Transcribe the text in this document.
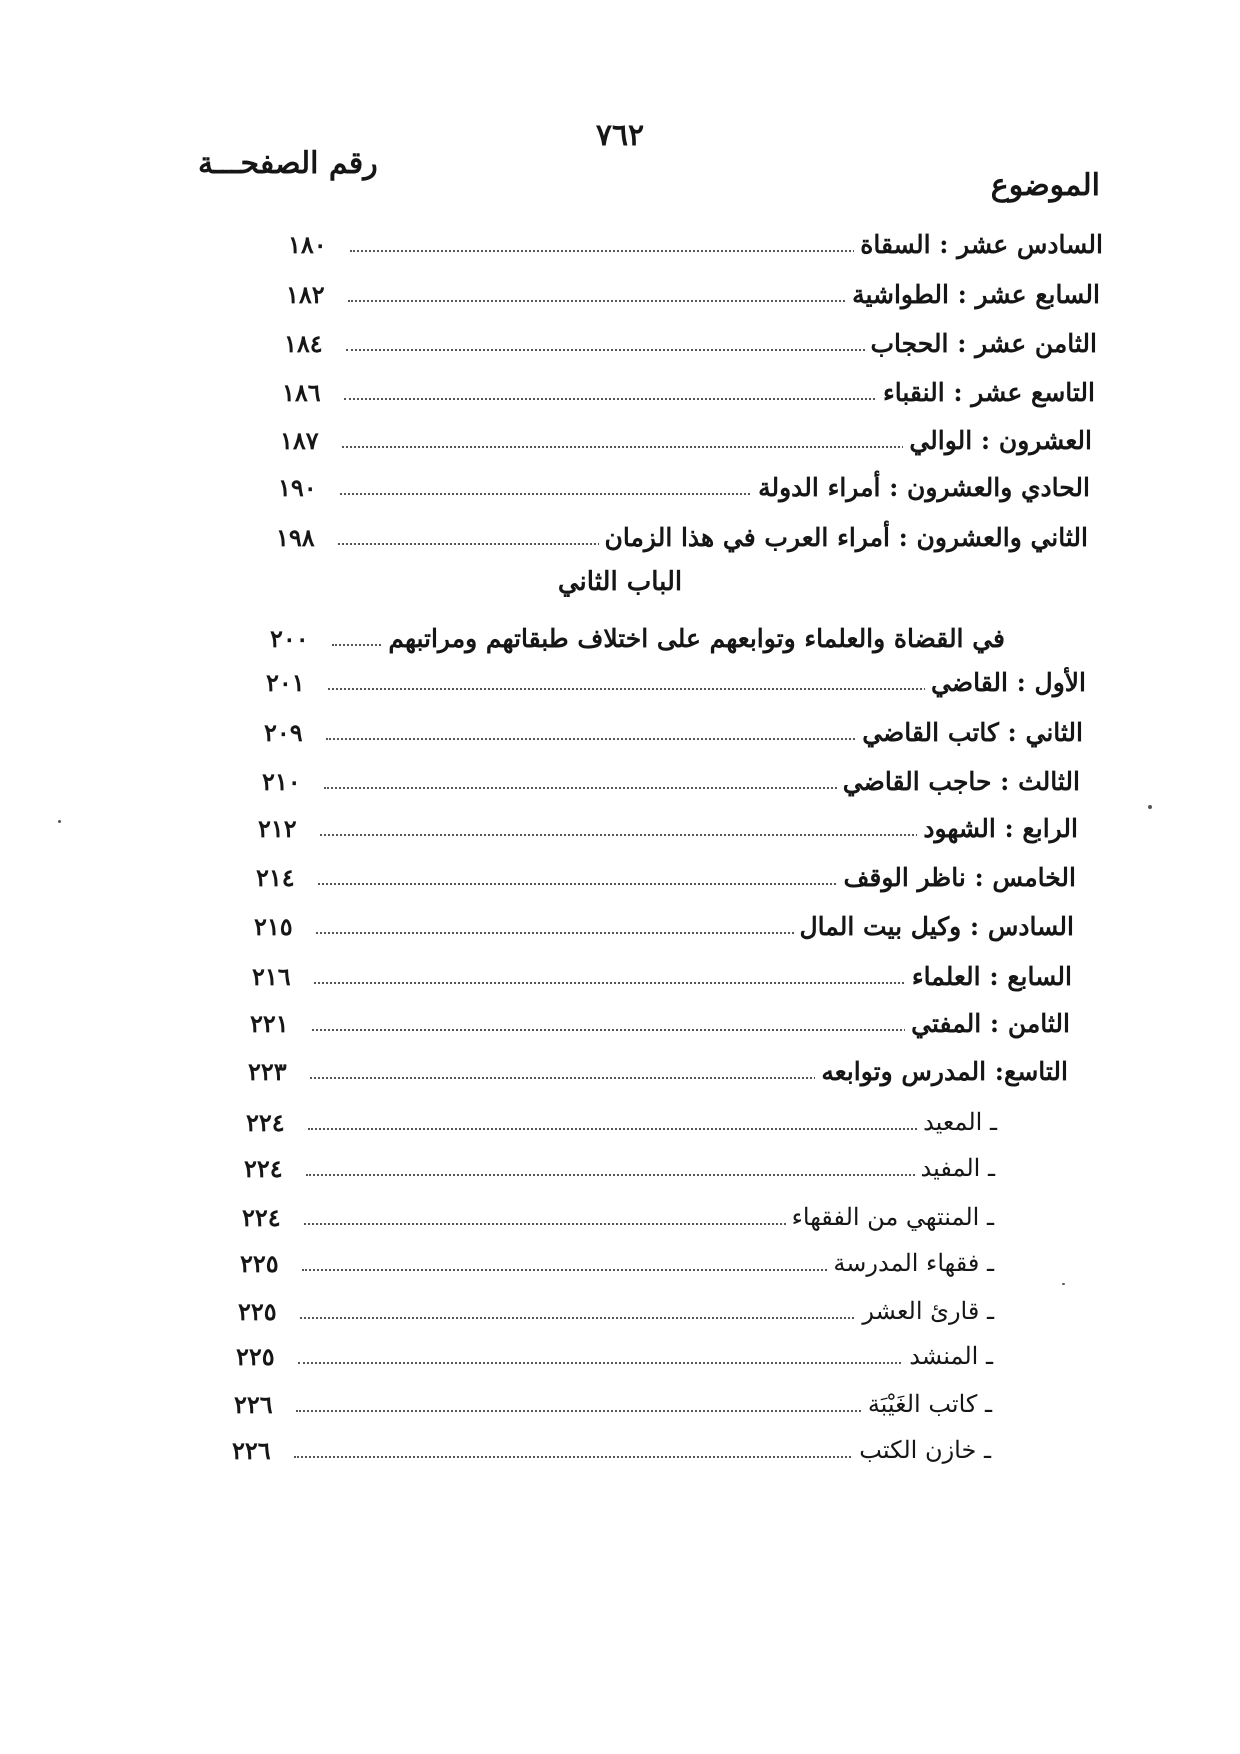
٧٦٢
رقم الصفحـــة
الموضوع
الباب الثاني
السادس عشر : السقاة
١٨٠
السابع عشر : الطواشية
١٨٢
الثامن عشر : الحجاب
١٨٤
التاسع عشر : النقباء
١٨٦
العشرون : الوالي
١٨٧
الحادي والعشرون : أمراء الدولة
١٩٠
الثاني والعشرون : أمراء العرب في هذا الزمان
١٩٨
في القضاة والعلماء وتوابعهم على اختلاف طبقاتهم ومراتبهم
٢٠٠
الأول : القاضي
٢٠١
الثاني : كاتب القاضي
٢٠٩
الثالث : حاجب القاضي
٢١٠
الرابع : الشهود
٢١٢
الخامس : ناظر الوقف
٢١٤
السادس : وكيل بيت المال
٢١٥
السابع : العلماء
٢١٦
الثامن : المفتي
٢٢١
التاسع: المدرس وتوابعه
٢٢٣
ـ المعيد
٢٢٤
ـ المفيد
٢٢٤
ـ المنتهي من الفقهاء
٢٢٤
ـ فقهاء المدرسة
٢٢٥
ـ قارئ العشر
٢٢٥
ـ المنشد
٢٢٥
ـ كاتب الغَيْبَة
٢٢٦
ـ خازن الكتب
٢٢٦
